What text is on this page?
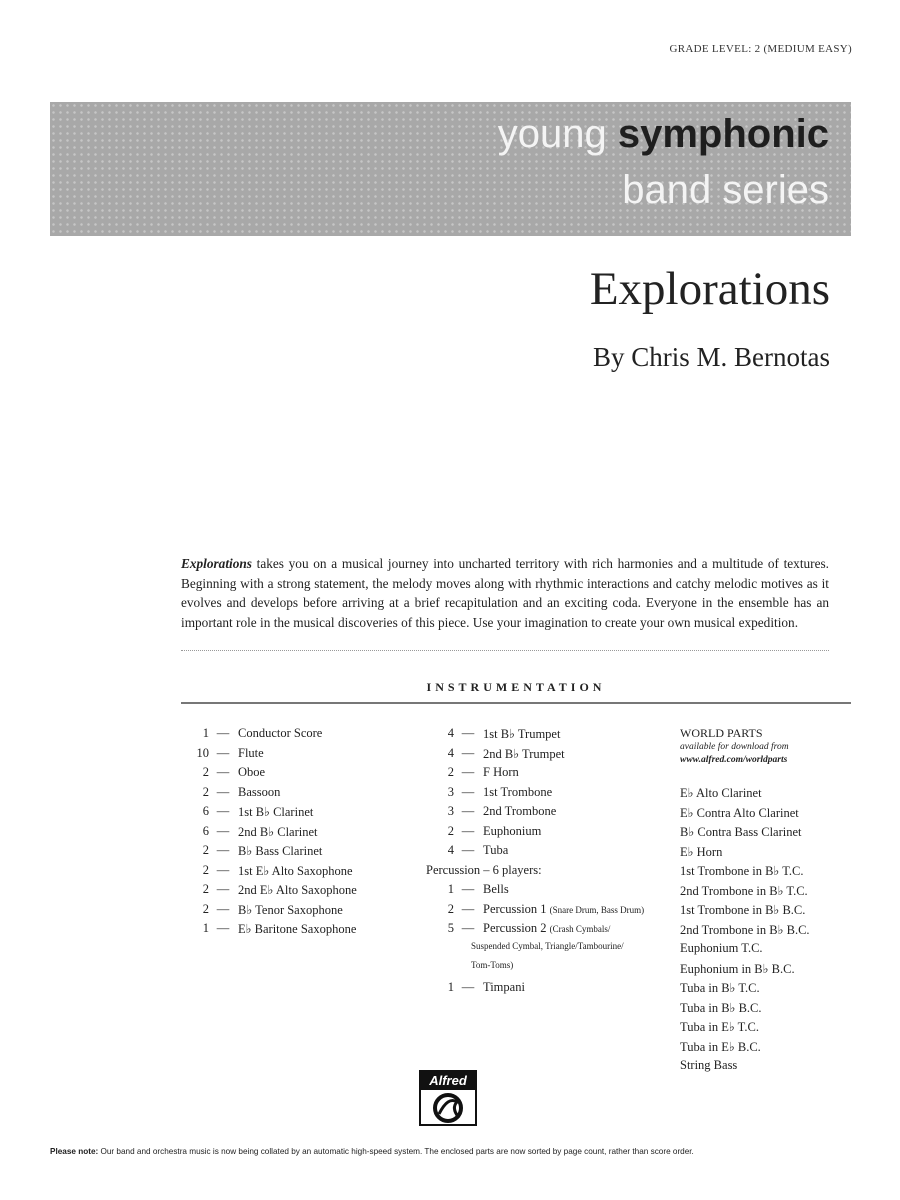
GRADE LEVEL: 2 (MEDIUM EASY)
young symphonic
band series
Explorations
By Chris M. Bernotas
Explorations takes you on a musical journey into uncharted territory with rich harmonies and a multitude of textures. Beginning with a strong statement, the melody moves along with rhythmic interactions and catchy melodic motives as it evolves and develops before arriving at a brief recapitulation and an exciting coda. Everyone in the ensemble has an important role in the musical discoveries of this piece. Use your imagination to create your own musical expedition.
INSTRUMENTATION
1 — Conductor Score
10 — Flute
2 — Oboe
2 — Bassoon
6 — 1st B♭ Clarinet
6 — 2nd B♭ Clarinet
2 — B♭ Bass Clarinet
2 — 1st E♭ Alto Saxophone
2 — 2nd E♭ Alto Saxophone
2 — B♭ Tenor Saxophone
1 — E♭ Baritone Saxophone
4 — 1st B♭ Trumpet
4 — 2nd B♭ Trumpet
2 — F Horn
3 — 1st Trombone
3 — 2nd Trombone
2 — Euphonium
4 — Tuba
Percussion – 6 players:
1 — Bells
2 — Percussion 1 (Snare Drum, Bass Drum)
5 — Percussion 2 (Crash Cymbals/
Suspended Cymbal, Triangle/Tambourine/
Tom-Toms)
1 — Timpani
WORLD PARTS
available for download from
www.alfred.com/worldparts
E♭ Alto Clarinet
E♭ Contra Alto Clarinet
B♭ Contra Bass Clarinet
E♭ Horn
1st Trombone in B♭ T.C.
2nd Trombone in B♭ T.C.
1st Trombone in B♭ B.C.
2nd Trombone in B♭ B.C.
Euphonium T.C.
Euphonium in B♭ B.C.
Tuba in B♭ T.C.
Tuba in B♭ B.C.
Tuba in E♭ T.C.
Tuba in E♭ B.C.
String Bass
Alfred
Please note: Our band and orchestra music is now being collated by an automatic high-speed system. The enclosed parts are now sorted by page count, rather than score order.
